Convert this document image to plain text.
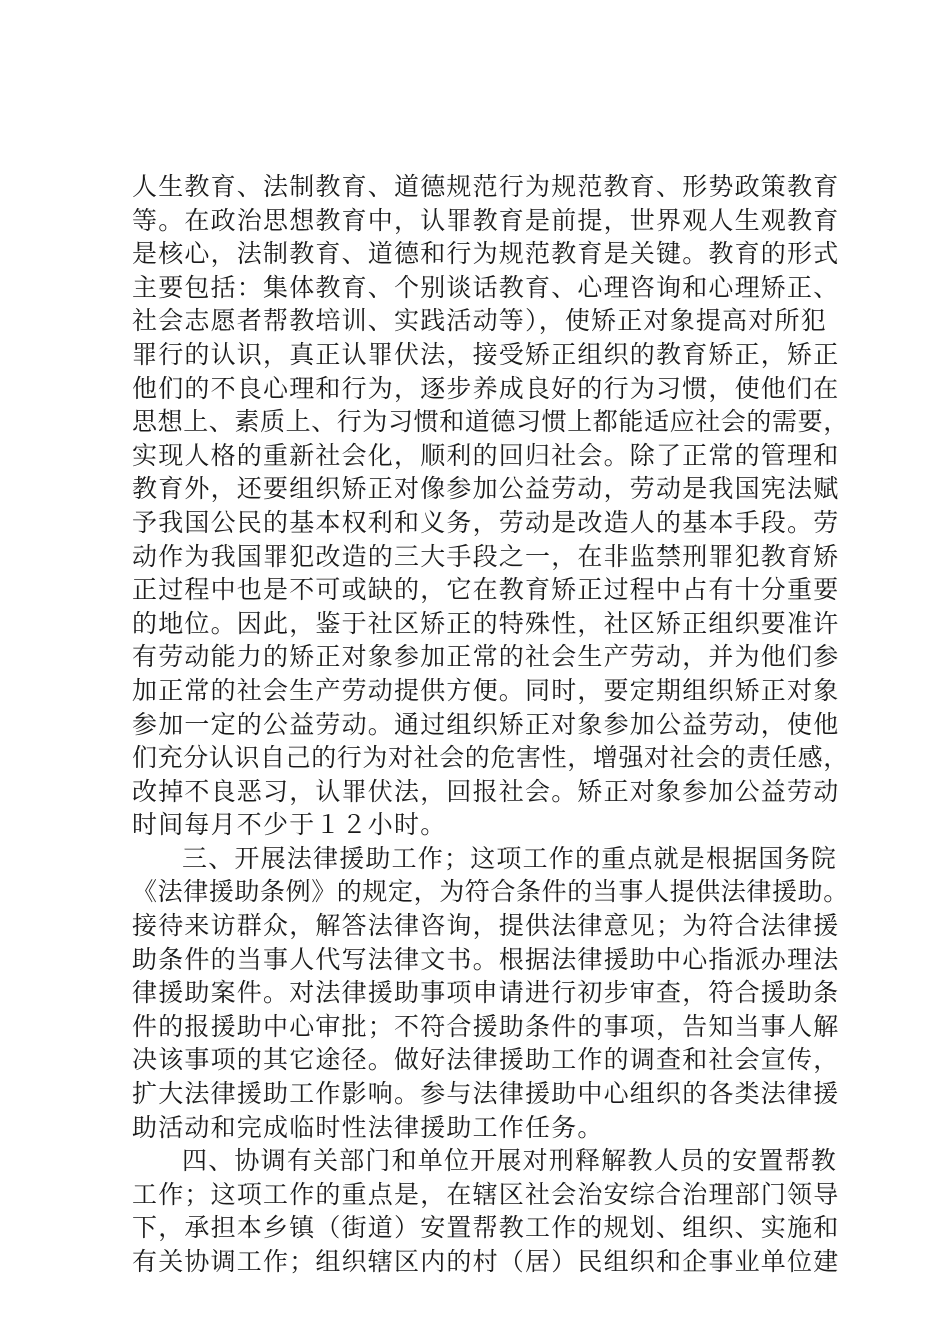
人生教育、法制教育、道德规范行为规范教育、形势政策教育
等。在政治思想教育中，认罪教育是前提，世界观人生观教育
是核心，法制教育、道德和行为规范教育是关键。教育的形式
主要包括：集体教育、个别谈话教育、心理咨询和心理矫正、
社会志愿者帮教培训、实践活动等），使矫正对象提高对所犯
罪行的认识，真正认罪伏法，接受矫正组织的教育矫正，矫正
他们的不良心理和行为，逐步养成良好的行为习惯，使他们在
思想上、素质上、行为习惯和道德习惯上都能适应社会的需要，
实现人格的重新社会化，顺利的回归社会。除了正常的管理和
教育外，还要组织矫正对像参加公益劳动，劳动是我国宪法赋
予我国公民的基本权利和义务，劳动是改造人的基本手段。劳
动作为我国罪犯改造的三大手段之一，在非监禁刑罪犯教育矫
正过程中也是不可或缺的，它在教育矫正过程中占有十分重要
的地位。因此，鉴于社区矫正的特殊性，社区矫正组织要准许
有劳动能力的矫正对象参加正常的社会生产劳动，并为他们参
加正常的社会生产劳动提供方便。同时，要定期组织矫正对象
参加一定的公益劳动。通过组织矫正对象参加公益劳动，使他
们充分认识自己的行为对社会的危害性，增强对社会的责任感，
改掉不良恶习，认罪伏法，回报社会。矫正对象参加公益劳动
时间每月不少于１２小时。
三、开展法律援助工作；这项工作的重点就是根据国务院
《法律援助条例》的规定，为符合条件的当事人提供法律援助。
接待来访群众，解答法律咨询，提供法律意见；为符合法律援
助条件的当事人代写法律文书。根据法律援助中心指派办理法
律援助案件。对法律援助事项申请进行初步审查，符合援助条
件的报援助中心审批；不符合援助条件的事项，告知当事人解
决该事项的其它途径。做好法律援助工作的调查和社会宣传，
扩大法律援助工作影响。参与法律援助中心组织的各类法律援
助活动和完成临时性法律援助工作任务。
四、协调有关部门和单位开展对刑释解教人员的安置帮教
工作；这项工作的重点是，在辖区社会治安综合治理部门领导
下，承担本乡镇（街道）安置帮教工作的规划、组织、实施和
有关协调工作；组织辖区内的村（居）民组织和企事业单位建
